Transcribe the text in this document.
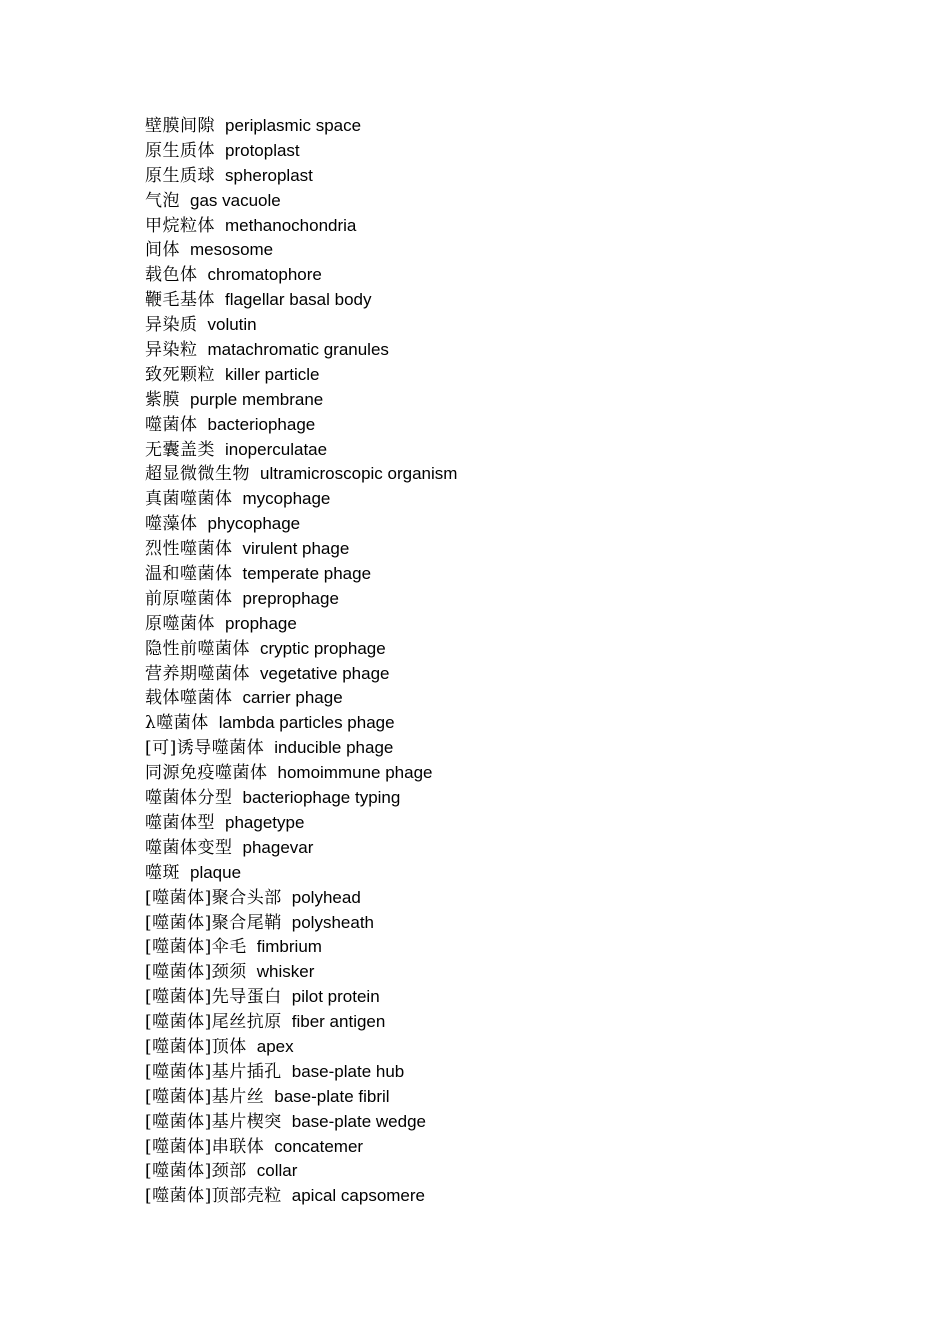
壁膜间隙 periplasmic space
原生质体 protoplast
原生质球 spheroplast
气泡 gas vacuole
甲烷粒体 methanochondria
间体 mesosome
载色体 chromatophore
鞭毛基体 flagellar basal body
异染质 volutin
异染粒 matachromatic granules
致死颗粒 killer particle
紫膜 purple membrane
噬菌体 bacteriophage
无囊盖类 inoperculatae
超显微微生物 ultramicroscopic organism
真菌噬菌体 mycophage
噬藻体 phycophage
烈性噬菌体 virulent phage
温和噬菌体 temperate phage
前原噬菌体 preprophage
原噬菌体 prophage
隐性前噬菌体 cryptic prophage
营养期噬菌体 vegetative phage
载体噬菌体 carrier phage
λ噬菌体 lambda particles phage
[可]诱导噬菌体 inducible phage
同源免疫噬菌体 homoimmune phage
噬菌体分型 bacteriophage typing
噬菌体型 phagetype
噬菌体变型 phagevar
噬斑 plaque
[噬菌体]聚合头部 polyhead
[噬菌体]聚合尾鞘 polysheath
[噬菌体]伞毛 fimbrium
[噬菌体]颈须 whisker
[噬菌体]先导蛋白 pilot protein
[噬菌体]尾丝抗原 fiber antigen
[噬菌体]顶体 apex
[噬菌体]基片插孔 base-plate hub
[噬菌体]基片丝 base-plate fibril
[噬菌体]基片楔突 base-plate wedge
[噬菌体]串联体 concatemer
[噬菌体]颈部 collar
[噬菌体]顶部壳粒 apical capsomere
